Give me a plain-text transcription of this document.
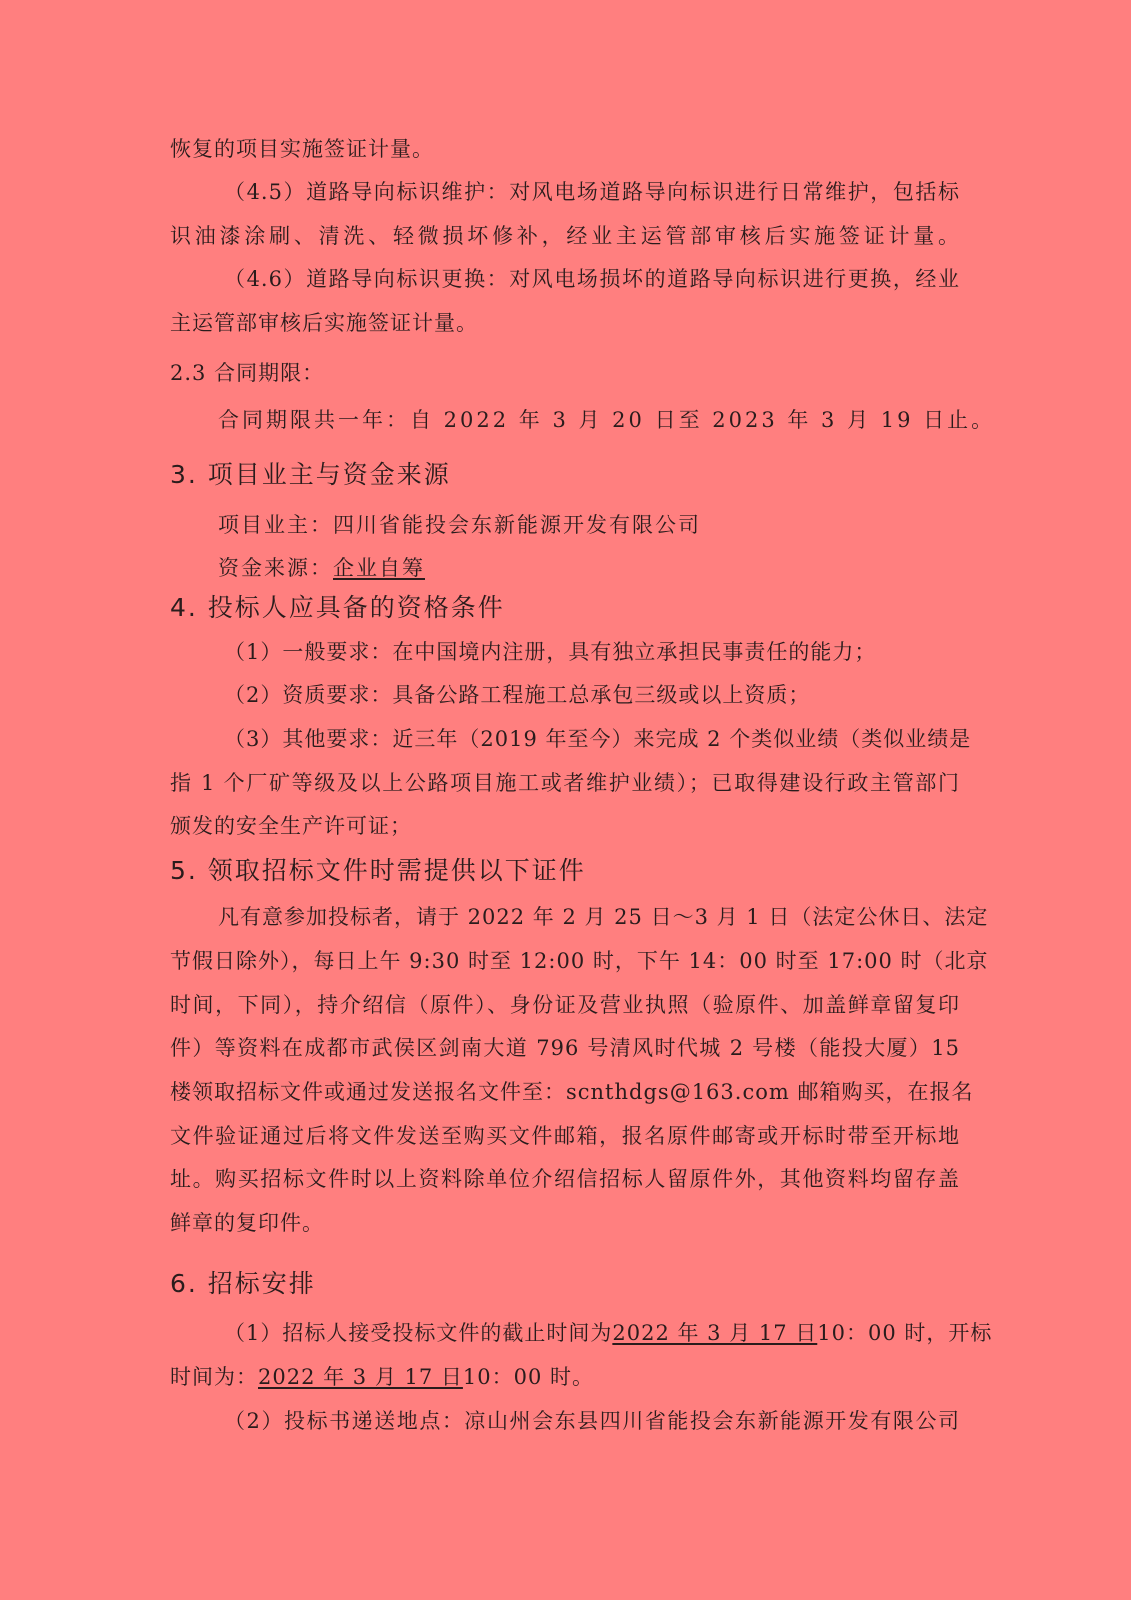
恢复的项目实施签证计量。
（4.5）道路导向标识维护：对风电场道路导向标识进行日常维护，包括标
识油漆涂刷、清洗、轻微损坏修补，经业主运管部审核后实施签证计量。
（4.6）道路导向标识更换：对风电场损坏的道路导向标识进行更换，经业
主运管部审核后实施签证计量。
2.3 合同期限：
合同期限共一年：自 2022 年 3 月 20 日至 2023 年 3 月 19 日止。
3. 项目业主与资金来源
项目业主：四川省能投会东新能源开发有限公司
资金来源：企业自筹
4. 投标人应具备的资格条件
（1）一般要求：在中国境内注册，具有独立承担民事责任的能力；
（2）资质要求：具备公路工程施工总承包三级或以上资质；
（3）其他要求：近三年（2019 年至今）来完成 2 个类似业绩（类似业绩是
指 1 个厂矿等级及以上公路项目施工或者维护业绩）；已取得建设行政主管部门
颁发的安全生产许可证；
5. 领取招标文件时需提供以下证件
凡有意参加投标者，请于 2022 年 2 月 25 日～3 月 1 日（法定公休日、法定
节假日除外），每日上午 9:30 时至 12:00 时，下午 14：00 时至 17:00 时（北京
时间，下同），持介绍信（原件）、身份证及营业执照（验原件、加盖鲜章留复印
件）等资料在成都市武侯区剑南大道 796 号清风时代城 2 号楼（能投大厦）15
楼领取招标文件或通过发送报名文件至：scnthdgs@163.com 邮箱购买，在报名
文件验证通过后将文件发送至购买文件邮箱，报名原件邮寄或开标时带至开标地
址。购买招标文件时以上资料除单位介绍信招标人留原件外，其他资料均留存盖
鲜章的复印件。
6. 招标安排
（1）招标人接受投标文件的截止时间为2022 年 3 月 17 日10：00 时，开标
时间为：2022 年 3 月 17 日10：00 时。
（2）投标书递送地点：凉山州会东县四川省能投会东新能源开发有限公司
